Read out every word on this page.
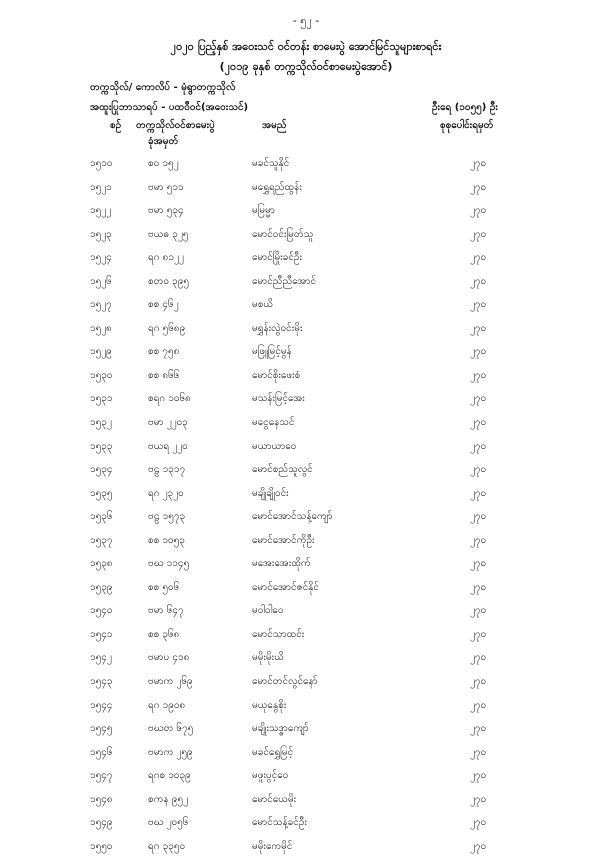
- ၅၂ -
၂၀၂၀ ပြည့်နှစ် အဝေးသင် ဝင်တန်း စာမေးပွဲ အောင်မြင်သူများစာရင်း
(၂၀၁၉ ခုနှစ် တက္ကသိုလ်ဝင်စာမေးပွဲအောင်)
တက္ကသိုလ်/ ကောလိပ် - မုံရွာတက္ကသိုလ်
အထူးပြုဘာသာရပ် - ပထဝီဝင်(အဝေးသင်)	ဦးရေ (၁၀၅၅) ဦး
စဉ် တက္ကသိုလ်ဝင်စာမေးပွဲ
ခုံအမှတ်
အမည်	စုစုပေါင်းရမှတ်
၁၅၁၀	စဝ ၁၅၂	မခင်သူနိုင်	၂၇၀
၁၅၂၁	ဗမာ ၅၁၁	မရွှေရည်ထွန်း	၂၇၀
၁၅၂၂	ဗမာ ၅၃၄	မမြမ္မာ	၂၇၀
၁၅၂၃	ဗယဓ ၃၂၅	မောင်ဝင်းမြတ်သူ	၂၇၀
၁၅၂၄	ရဂ ၈၁၂၂	မောင်မြိုးခင်ဦး	၂၇၀
၁၅၂၆	စတဝ ၃၉၅	မောင်ညီညီအောင်	၂၇၀
၁၅၂၇	စစ ၄၆၂	မစယိ	၂၇၀
၁၅၂၈	ရဂ ၅၆၈၉	မရွှန်းလွဲဝင်းမိုး	၂၇၀
၁၅၂၉	စစ ၇၅၈	မဖြူမြင့်မွန်	၂၇၀
၁၅၃၀	စစ ၈၆၆	မောင်စိုးဖေးစံ	၂၇၀
၁၅၃၁	စရဂ ၁၀၆၈	မသန်းမြင့်အေး	၂၇၀
၁၅၃၂	ဗမာ ၂၂၀၃	မငွေနေသင်	၂၇၀
၁၅၃၃	ဗယရ ၂၂၀	မယာယာဝေ	၂၇၀
၁၅၃၄	ဗဠ ၁၃၁၇	မောင်စည်သူလွင်	၂၇၀
၁၅၃၅	ရဂ ၂၃၂၀	မချိုချိုဝင်း	၂၇၀
၁၅၃၆	ဗဠ ၁၅၇၃	မောင်အောင်သန့်ကျော်	၂၇၀
၁၅၃၇	စစ ၁၀၅၃	မောင်အောင်ကိုဦး	၂၇၀
၁၅၃၈	ဗဃ ၁၁၄၅	မအေးအေးထိုက်	၂၇၀
၁၅၃၉	စစ ၅၀၆	မောင်အောင်ဇင်နိုင်	၂၇၀
၁၅၄၀	ဗမာ ၆၄၇	မဝါဝါဝေ	၂၇၀
၁၅၄၁	စစ ၃၆၈	မောင်သာထင်း	၂၇၀
၁၅၄၂	ဗမာပ ၄၁၈	မမိုးမိုးယိ	၂၇၀
၁၅၄၃	ဗမာက ၂၆၉	မောင်တင်လွင်နော်	၂၇၀
၁၅၄၄	ရဂ ၁၉၀၈	မယုနွေစိုး	၂၇၀
၁၅၄၅	ဗဃတ ၆၇၅	မချိုးသဒ္ဓာကျော်	၂၇၀
၁၅၄၆	ဗမာက ၂၅၉	မခင်ရွှေမြင့်	၂၇၀
၁၅၄၇	ရဂစ ၁၀၃၉	မဖူးပွင့်ဝေ	၂၇၀
၁၅၄၈	စကန ၉၅၂	မောင်ယေမိုး	၂၇၀
၁၅၄၉	ဗဃ ၂၀၅၆	မောင်သန့်ခင်ဦး	၂၇၀
၁၅၅၀	ရဂ ၃၃၅၀	မမိုးကေမိုင်	၂၇၀
